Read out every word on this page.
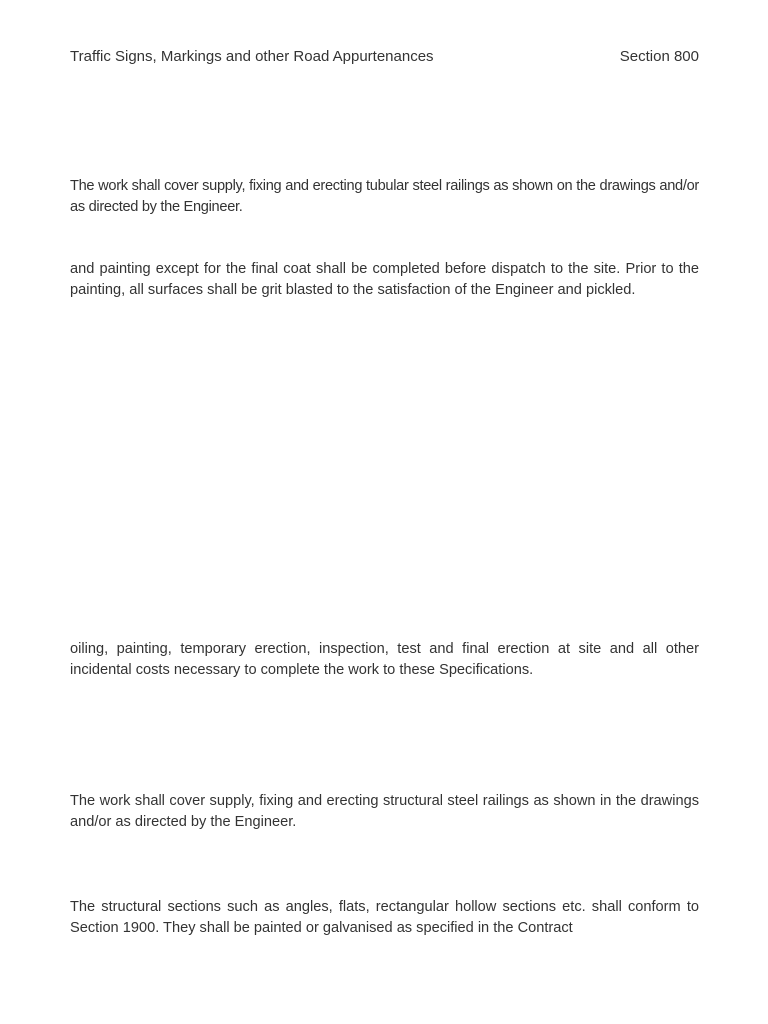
Traffic Signs, Markings and other Road Appurtenances	Section 800

The work shall cover supply, fixing and erecting tubular steel railings as shown on the drawings and/or as directed by the Engineer.

and painting except for the final coat shall be completed before dispatch to the site. Prior to the painting, all surfaces shall be grit blasted to the satisfaction of the Engineer and pickled.

oiling, painting, temporary erection, inspection, test and final erection at site and all other incidental costs necessary to complete the work to these Specifications.

The work shall cover supply, fixing and erecting structural steel railings as shown in the drawings and/or as directed by the Engineer.

The structural sections such as angles, flats, rectangular hollow sections etc. shall conform to Section 1900. They shall be painted or galvanised as specified in the Contract
